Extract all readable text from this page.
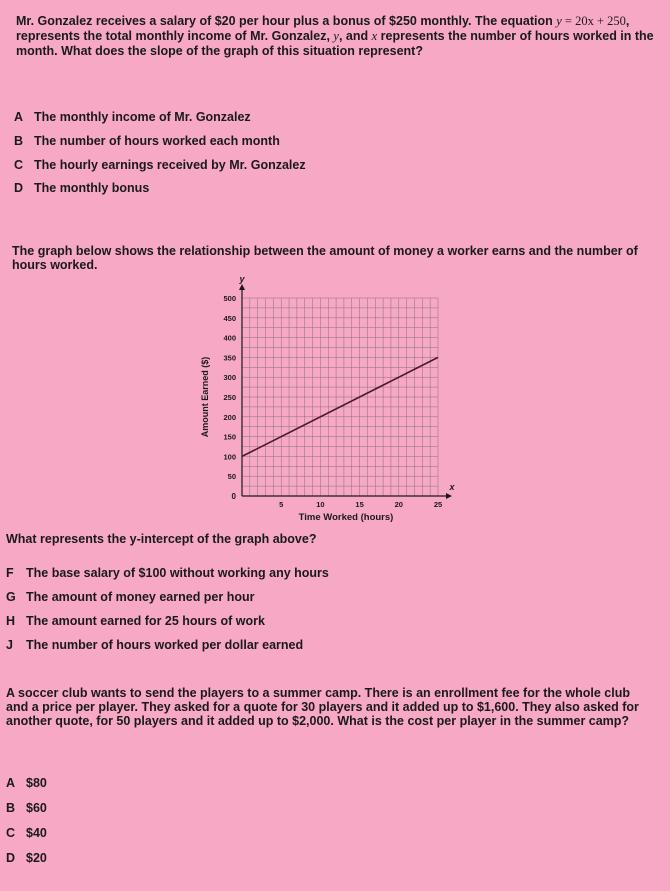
Mr. Gonzalez receives a salary of $20 per hour plus a bonus of $250 monthly. The equation y = 20x + 250, represents the total monthly income of Mr. Gonzalez, y, and x represents the number of hours worked in the month. What does the slope of the graph of this situation represent?
A The monthly income of Mr. Gonzalez
B The number of hours worked each month
C The hourly earnings received by Mr. Gonzalez
D The monthly bonus
The graph below shows the relationship between the amount of money a worker earns and the number of hours worked.
50
100
150
200
250
300
350
400
450
500
5	10	15	20	25
Amount Earned ($)
Time Worked (hours)
y
x
0
What represents the y-intercept of the graph above?
F The base salary of $100 without working any hours
G The amount of money earned per hour
H The amount earned for 25 hours of work
J The number of hours worked per dollar earned
A soccer club wants to send the players to a summer camp. There is an enrollment fee for the whole club and a price per player. They asked for a quote for 30 players and it added up to $1,600. They also asked for another quote, for 50 players and it added up to $2,000. What is the cost per player in the summer camp?
A $80
B $60
C $40
D $20
